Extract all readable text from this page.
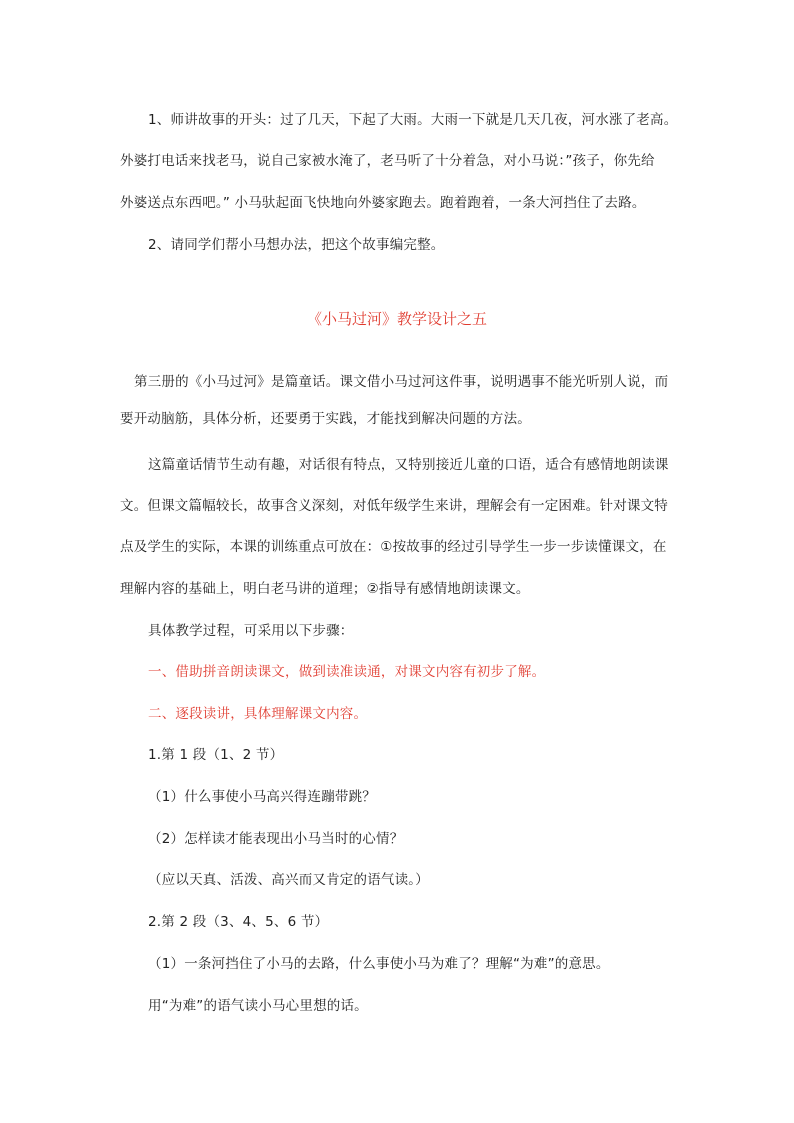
1、师讲故事的开头：过了几天，下起了大雨。大雨一下就是几天几夜，河水涨了老高。
外婆打电话来找老马，说自己家被水淹了，老马听了十分着急，对小马说：”孩子，你先给
外婆送点东西吧。” 小马驮起面飞快地向外婆家跑去。跑着跑着，一条大河挡住了去路。
2、请同学们帮小马想办法，把这个故事编完整。
《小马过河》教学设计之五
第三册的《小马过河》是篇童话。课文借小马过河这件事，说明遇事不能光听别人说，而
要开动脑筋，具体分析，还要勇于实践，才能找到解决问题的方法。
这篇童话情节生动有趣，对话很有特点，又特别接近儿童的口语，适合有感情地朗读课
文。但课文篇幅较长，故事含义深刻，对低年级学生来讲，理解会有一定困难。针对课文特
点及学生的实际，本课的训练重点可放在：①按故事的经过引导学生一步一步读懂课文，在
理解内容的基础上，明白老马讲的道理；②指导有感情地朗读课文。
具体教学过程，可采用以下步骤：
一、借助拼音朗读课文，做到读准读通，对课文内容有初步了解。
二、逐段读讲，具体理解课文内容。
1.第 1 段（1、2 节）
（1）什么事使小马高兴得连蹦带跳？
（2）怎样读才能表现出小马当时的心情？
（应以天真、活泼、高兴而又肯定的语气读。）
2.第 2 段（3、4、5、6 节）
（1）一条河挡住了小马的去路，什么事使小马为难了？理解“为难”的意思。
用“为难”的语气读小马心里想的话。
